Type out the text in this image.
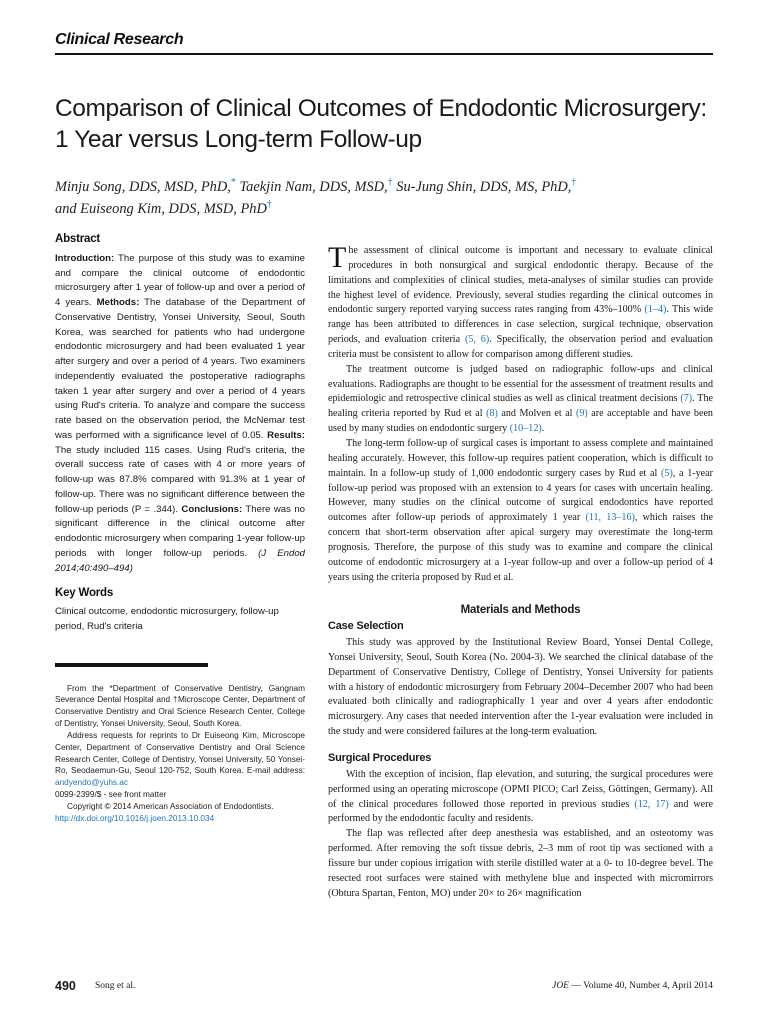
Clinical Research
Comparison of Clinical Outcomes of Endodontic Microsurgery: 1 Year versus Long-term Follow-up
Minju Song, DDS, MSD, PhD,* Taekjin Nam, DDS, MSD,† Su-Jung Shin, DDS, MS, PhD,†
and Euiseong Kim, DDS, MSD, PhD†
Abstract

Introduction: The purpose of this study was to examine and compare the clinical outcome of endodontic microsurgery after 1 year of follow-up and over a period of 4 years. Methods: The database of the Department of Conservative Dentistry, Yonsei University, Seoul, South Korea, was searched for patients who had undergone endodontic microsurgery and had been evaluated 1 year after surgery and over a period of 4 years. Two examiners independently evaluated the postoperative radiographs taken 1 year after surgery and over a period of 4 years using Rud's criteria. To analyze and compare the success rate based on the observation period, the McNemar test was performed with a significance level of 0.05. Results: The study included 115 cases. Using Rud's criteria, the overall success rate of cases with 4 or more years of follow-up was 87.8% compared with 91.3% at 1 year of follow-up. There was no significant difference between the follow-up periods (P = .344). Conclusions: There was no significant difference in the clinical outcome after endodontic microsurgery when comparing 1-year follow-up periods with longer follow-up periods. (J Endod 2014;40:490–494)

Key Words

Clinical outcome, endodontic microsurgery, follow-up period, Rud's criteria

From the *Department of Conservative Dentistry, Gangnam Severance Dental Hospital and †Microscope Center, Department of Conservative Dentistry and Oral Science Research Center, College of Dentistry, Yonsei University, Seoul, South Korea.

Address requests for reprints to Dr Euiseong Kim, Microscope Center, Department of Conservative Dentistry and Oral Science Research Center, College of Dentistry, Yonsei University, 50 Yonsei-Ro, Seodaemun-Gu, Seoul 120-752, South Korea. E-mail address: andyendo@yuhs.ac

0099-2399/$ - see front matter

Copyright © 2014 American Association of Endodontists.

http://dx.doi.org/10.1016/j.joen.2013.10.034

The assessment of clinical outcome is important and necessary to evaluate clinical procedures in both nonsurgical and surgical endodontic therapy. Because of the limitations and complexities of clinical studies, meta-analyses of similar studies can provide the highest level of evidence. Previously, several studies regarding the clinical outcomes in endodontic surgery reported varying success rates ranging from 43%–100% (1–4). This wide range has been attributed to differences in case selection, surgical technique, observation periods, and evaluation criteria (5, 6). Specifically, the observation period and evaluation criteria must be consistent to allow for comparison among different studies.

The treatment outcome is judged based on radiographic follow-ups and clinical evaluations. Radiographs are thought to be essential for the assessment of treatment results and epidemiologic and retrospective clinical studies as well as clinical treatment decisions (7). The healing criteria reported by Rud et al (8) and Molven et al (9) are acceptable and have been used by many studies on endodontic surgery (10–12).

The long-term follow-up of surgical cases is important to assess complete and maintained healing accurately. However, this follow-up requires patient cooperation, which is difficult to maintain. In a follow-up study of 1,000 endodontic surgery cases by Rud et al (5), a 1-year follow-up period was proposed with an extension to 4 years for cases with uncertain healing. However, many studies on the clinical outcome of surgical endodontics have reported outcomes after follow-up periods of approximately 1 year (11, 13–16), which raises the concern that short-term observation after apical surgery may overestimate the long-term prognosis. Therefore, the purpose of this study was to examine and compare the clinical outcome of endodontic microsurgery at a 1-year follow-up and over a follow-up period of 4 years using the criteria proposed by Rud et al.

Materials and Methods
Case Selection

This study was approved by the Institutional Review Board, Yonsei Dental College, Yonsei University, Seoul, South Korea (No. 2004-3). We searched the clinical database of the Department of Conservative Dentistry, College of Dentistry, Yonsei University for patients with a history of endodontic microsurgery from February 2004–December 2007 who had been evaluated both clinically and radiographically 1 year and over 4 years after endodontic microsurgery. Any cases that needed intervention after the 1-year evaluation were included in the study and were considered failures at the long-term evaluation.

Surgical Procedures

With the exception of incision, flap elevation, and suturing, the surgical procedures were performed using an operating microscope (OPMI PICO; Carl Zeiss, Göttingen, Germany). All of the clinical procedures followed those reported in previous studies (12, 17) and were performed by the endodontic faculty and residents.

The flap was reflected after deep anesthesia was established, and an osteotomy was performed. After removing the soft tissue debris, 2–3 mm of root tip was sectioned with a fissure bur under copious irrigation with sterile distilled water at a 0- to 10-degree bevel. The resected root surfaces were stained with methylene blue and inspected with micromirrors (Obtura Spartan, Fenton, MO) under 20× to 26× magnification

490 Song et al.	JOE — Volume 40, Number 4, April 2014
